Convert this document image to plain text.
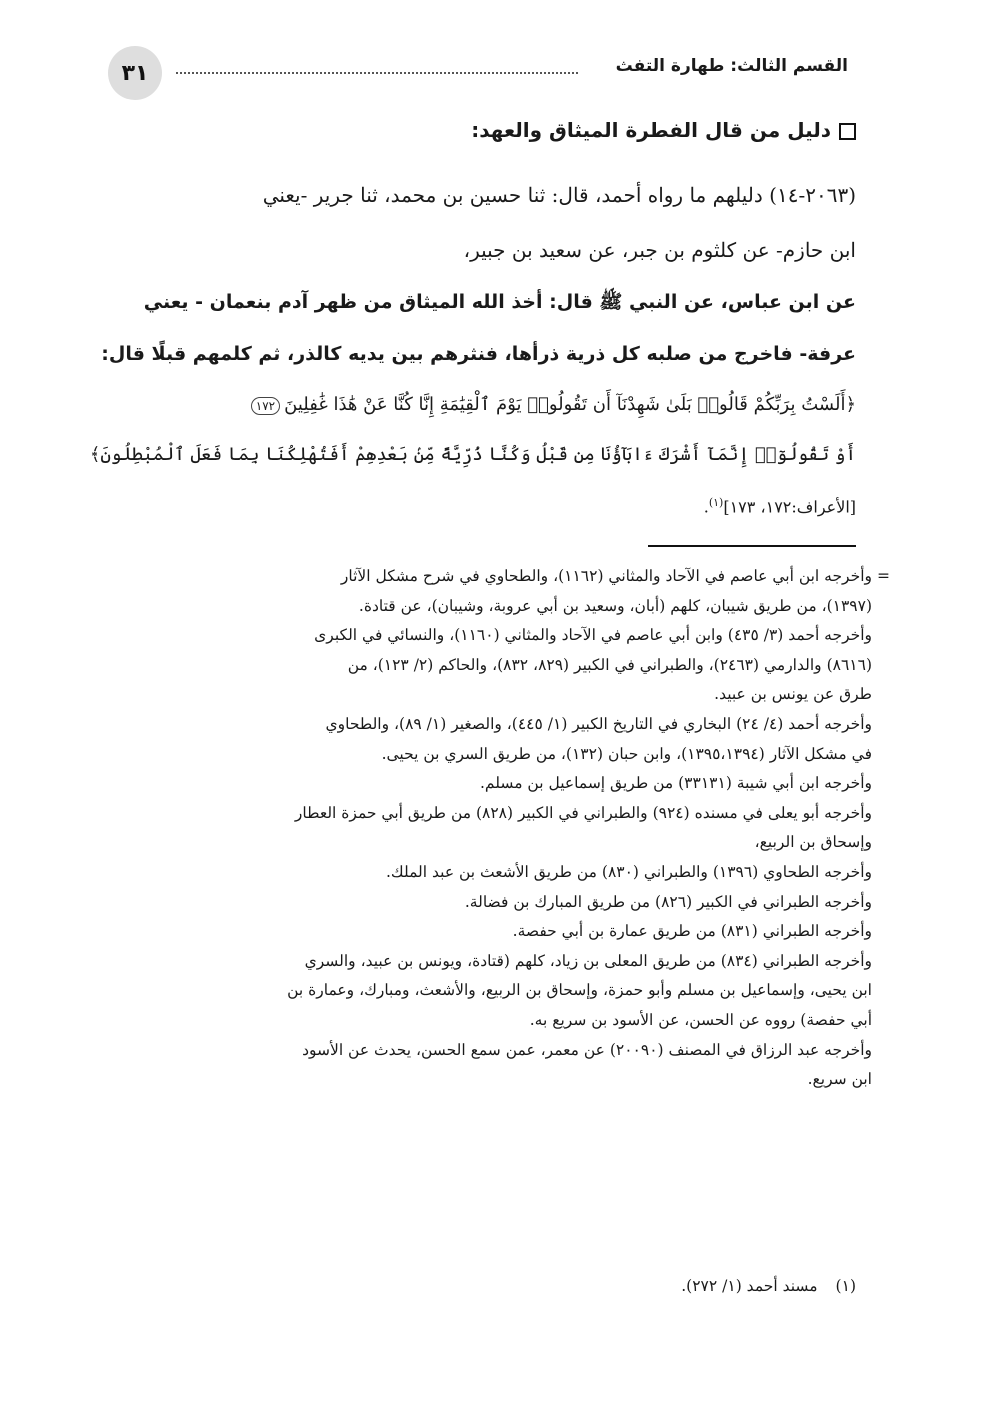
٣١	القسم الثالث: طهارة التفث
دليل من قال الفطرة الميثاق والعهد:

(٢٠٦٣-١٤) دليلهم ما رواه أحمد، قال: ثنا حسين بن محمد، ثنا جرير -يعني

ابن حازم- عن كلثوم بن جبر، عن سعيد بن جبير،

عن ابن عباس، عن النبي ﷺ قال: أخذ الله الميثاق من ظهر آدم بنعمان - يعني

عرفة- فاخرج من صلبه كل ذرية ذرأها، فنثرهم بين يديه كالذر، ثم كلمهم قبلًا قال:

﴿أَلَسْتُ بِرَبِّكُمْ قَالُوا۟ بَلَىٰ شَهِدْنَآ أَن تَقُولُوا۟ يَوْمَ ٱلْقِيَٰمَةِ إِنَّا كُنَّا عَنْ هَٰذَا غَٰفِلِينَ١٧٢

أَوْ تَقُولُوٓا۟ إِنَّمَآ أَشْرَكَ ءَابَآؤُنَا مِن قَبْلُ وَكُنَّا ذُرِّيَّةً مِّنۢ بَعْدِهِمْ أَفَتُهْلِكُنَا بِمَا فَعَلَ ٱلْمُبْطِلُونَ﴾

[الأعراف:١٧٢، ١٧٣]$^{(١)}$.
=

وأخرجه ابن أبي عاصم في الآحاد والمثاني (١١٦٢)، والطحاوي في شرح مشكل الآثار

(١٣٩٧)، من طريق شيبان، كلهم (أبان، وسعيد بن أبي عروبة، وشيبان)، عن قتادة.

وأخرجه أحمد (٣/ ٤٣٥) وابن أبي عاصم في الآحاد والمثاني (١١٦٠)، والنسائي في الكبرى

(٨٦١٦) والدارمي (٢٤٦٣)، والطبراني في الكبير (٨٢٩، ٨٣٢)، والحاكم (٢/ ١٢٣)، من

طرق عن يونس بن عبيد.

وأخرجه أحمد (٤/ ٢٤) البخاري في التاريخ الكبير (١/ ٤٤٥)، والصغير (١/ ٨٩)، والطحاوي

في مشكل الآثار (١٣٩٥،١٣٩٤)، وابن حبان (١٣٢)، من طريق السري بن يحيى.

وأخرجه ابن أبي شيبة (٣٣١٣١) من طريق إسماعيل بن مسلم.

وأخرجه أبو يعلى في مسنده (٩٢٤) والطبراني في الكبير (٨٢٨) من طريق أبي حمزة العطار

وإسحاق بن الربيع،

وأخرجه الطحاوي (١٣٩٦) والطبراني (٨٣٠) من طريق الأشعث بن عبد الملك.

وأخرجه الطبراني في الكبير (٨٢٦) من طريق المبارك بن فضالة.

وأخرجه الطبراني (٨٣١) من طريق عمارة بن أبي حفصة.

وأخرجه الطبراني (٨٣٤) من طريق المعلى بن زياد، كلهم (قتادة، ويونس بن عبيد، والسري

ابن يحيى، وإسماعيل بن مسلم وأبو حمزة، وإسحاق بن الربيع، والأشعث، ومبارك، وعمارة بن

أبي حفصة) رووه عن الحسن، عن الأسود بن سريع به.

وأخرجه عبد الرزاق في المصنف (٢٠٠٩٠) عن معمر، عمن سمع الحسن، يحدث عن الأسود

ابن سريع.

(١)مسند أحمد (١/ ٢٧٢).
